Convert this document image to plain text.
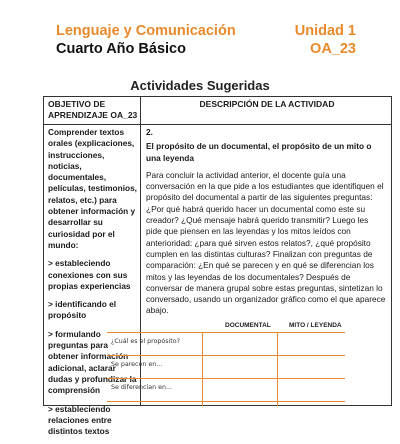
Lenguaje y Comunicación
Cuarto Año Básico
Unidad 1
OA_23
Actividades Sugeridas
OBJETIVO DE APRENDIZAJE OA_23
DESCRIPCIÓN DE LA ACTIVIDAD

Comprender textos orales (explicaciones, instrucciones, noticias, documentales, películas, testimonios, relatos, etc.) para obtener información y desarrollar su curiosidad por el mundo:

> estableciendo conexiones con sus propias experiencias

> identificando el propósito

> formulando preguntas para obtener información adicional, aclarar dudas y profundizar la comprensión

> estableciendo relaciones entre distintos textos

2.

El propósito de un documental, el propósito de un mito o una leyenda

Para concluir la actividad anterior, el docente guía una conversación en la que pide a los estudiantes que identifiquen el propósito del documental a partir de las siguientes preguntas: ¿Por qué habrá querido hacer un documental como este su creador? ¿Qué mensaje habrá querido transmitir? Luego les pide que piensen en las leyendas y los mitos leídos con anterioridad: ¿para qué sirven estos relatos?, ¿qué propósito cumplen en las distintas culturas? Finalizan con preguntas de comparación: ¿En qué se parecen y en qué se diferencian los mitos y las leyendas de los documentales? Después de conversar de manera grupal sobre estas preguntas, sintetizan lo conversado, usando un organizador gráfico como el que aparece abajo.

DOCUMENTAL	MITO / LEYENDA
¿Cuál es el propósito?
Se parecen en...
Se diferencian en...
